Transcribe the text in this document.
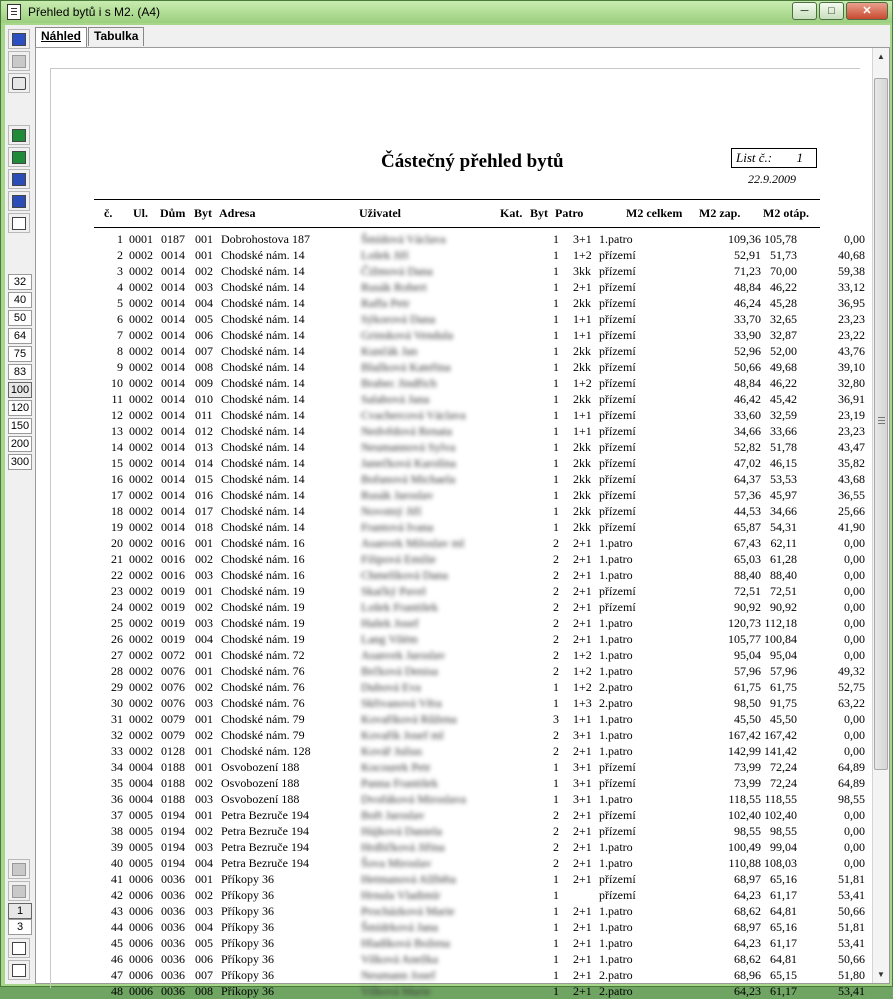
Přehled bytů i s M2. (A4)	─	□	✕
32
40
50
64
75
83
100
120
150
200
300
1
3
Náhled	Tabulka
Částečný přehled bytů	List č.: 1
22.9.2009
č. Ul. Dům Byt Adresa	Uživatel	Kat. Byt Patro	M2 celkem M2 zap. M2 otáp.
1 0001 0187 001 Dobrohostova 187	Šmídová Václava	1 3+1 1.patro	109,36 105,78	0,00
2 0002 0014 001 Chodské nám. 14	Lošek Jiří	1 1+2 přízemí	52,91 51,73	40,68
3 0002 0014 002 Chodské nám. 14	Čižmová Dana	1 3kk přízemí	71,23 70,00	59,38
4 0002 0014 003 Chodské nám. 14	Rusák Robert	1 2+1 přízemí	48,84 46,22	33,12
5 0002 0014 004 Chodské nám. 14	Raffa Petr	1 2kk přízemí	46,24 45,28	36,95
6 0002 0014 005 Chodské nám. 14	Sýkorová Dana	1 1+1 přízemí	33,70 32,65	23,23
7 0002 0014 006 Chodské nám. 14	Grinsková Vendula	1 1+1 přízemí	33,90 32,87	23,22
8 0002 0014 007 Chodské nám. 14	Kunčák Jan	1 2kk přízemí	52,96 52,00	43,76
9 0002 0014 008 Chodské nám. 14	Blažková Kateřina	1 2kk přízemí	50,66 49,68	39,10
10 0002 0014 009 Chodské nám. 14	Brabec Jindřich	1 1+2 přízemí	48,84 46,22	32,80
11 0002 0014 010 Chodské nám. 14	Salabová Jana	1 2kk přízemí	46,42 45,42	36,91
12 0002 0014 011 Chodské nám. 14	Cvachercová Václava	1 1+1 přízemí	33,60 32,59	23,19
13 0002 0014 012 Chodské nám. 14	Nedvědová Renata	1 1+1 přízemí	34,66 33,66	23,23
14 0002 0014 013 Chodské nám. 14	Neumannová Sylva	1 2kk přízemí	52,82 51,78	43,47
15 0002 0014 014 Chodské nám. 14	Janečková Karolína	1 2kk přízemí	47,02 46,15	35,82
16 0002 0014 015 Chodské nám. 14	Bořanová Michaela	1 2kk přízemí	64,37 53,53	43,68
17 0002 0014 016 Chodské nám. 14	Rusák Jaroslav	1 2kk přízemí	57,36 45,97	36,55
18 0002 0014 017 Chodské nám. 14	Novotný Jiří	1 2kk přízemí	44,53 34,66	25,66
19 0002 0014 018 Chodské nám. 14	Frantová Ivana	1 2kk přízemí	65,87 54,31	41,90
20 0002 0016 001 Chodské nám. 16	Asanvek Miloslav ml	2 2+1 1.patro	67,43 62,11	0,00
21 0002 0016 002 Chodské nám. 16	Filipová Emilie	2 2+1 1.patro	65,03 61,28	0,00
22 0002 0016 003 Chodské nám. 16	Chmelíková Dana	2 2+1 1.patro	88,40 88,40	0,00
23 0002 0019 001 Chodské nám. 19	Skačký Pavel	2 2+1 přízemí	72,51 72,51	0,00
24 0002 0019 002 Chodské nám. 19	Lošek František	2 2+1 přízemí	90,92 90,92	0,00
25 0002 0019 003 Chodské nám. 19	Hašek Josef	2 2+1 1.patro	120,73 112,18	0,00
26 0002 0019 004 Chodské nám. 19	Lang Vilém	2 2+1 1.patro	105,77 100,84	0,00
27 0002 0072 001 Chodské nám. 72	Asanvek Jaroslav	2 1+2 1.patro	95,04 95,04	0,00
28 0002 0076 001 Chodské nám. 76	Brčková Denisa	2 1+2 1.patro	57,96 57,96	49,32
29 0002 0076 002 Chodské nám. 76	Dubová Eva	1 1+2 2.patro	61,75 61,75	52,75
30 0002 0076 003 Chodské nám. 76	Skřivanová Věra	1 1+3 2.patro	98,50 91,75	63,22
31 0002 0079 001 Chodské nám. 79	Kovaříková Růžena	3 1+1 1.patro	45,50 45,50	0,00
32 0002 0079 002 Chodské nám. 79	Kovařík Josef ml	2 3+1 1.patro	167,42 167,42	0,00
33 0002 0128 001 Chodské nám. 128	Kovář Julius	2 2+1 1.patro	142,99 141,42	0,00
34 0004 0188 001 Osvobození 188	Kocourek Petr	1 3+1 přízemí	73,99 72,24	64,89
35 0004 0188 002 Osvobození 188	Panna František	1 3+1 přízemí	73,99 72,24	64,89
36 0004 0188 003 Osvobození 188	Dvořáková Miroslava	1 3+1 1.patro	118,55 118,55	98,55
37 0005 0194 001 Petra Bezruče 194	Bořt Jaroslav	2 2+1 přízemí	102,40 102,40	0,00
38 0005 0194 002 Petra Bezruče 194	Hájková Daniela	2 2+1 přízemí	98,55 98,55	0,00
39 0005 0194 003 Petra Bezruče 194	Hrdličková Jiřina	2 2+1 1.patro	100,49 99,04	0,00
40 0005 0194 004 Petra Bezruče 194	Šova Miroslav	2 2+1 1.patro	110,88 108,03	0,00
41 0006 0036 001 Příkopy 36	Hetmanová Alžběta	1 2+1 přízemí	68,97 65,16	51,81
42 0006 0036 002 Příkopy 36	Hrnula Vladimír	1	přízemí	64,23 61,17	53,41
43 0006 0036 003 Příkopy 36	Procházková Marie	1 2+1 1.patro	68,62 64,81	50,66
44 0006 0036 004 Příkopy 36	Šmídrková Jana	1 2+1 1.patro	68,97 65,16	51,81
45 0006 0036 005 Příkopy 36	Hladíková Božena	1 2+1 1.patro	64,23 61,17	53,41
46 0006 0036 006 Příkopy 36	Vilková Anežka	1 2+1 1.patro	68,62 64,81	50,66
47 0006 0036 007 Příkopy 36	Neumann Josef	1 2+1 2.patro	68,96 65,15	51,80
48 0006 0036 008 Příkopy 36	Vilková Marie	1 2+1 2.patro	64,23 61,17	53,41
▲
▼
